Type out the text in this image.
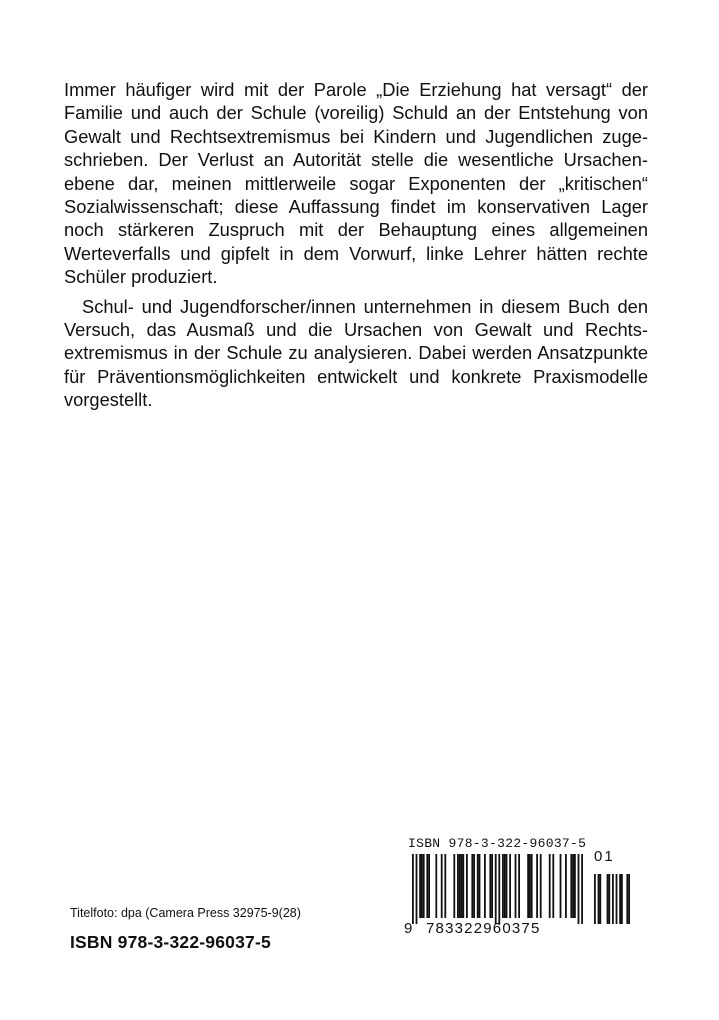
Immer häufiger wird mit der Parole „Die Erziehung hat versagt“ der Familie und auch der Schule (voreilig) Schuld an der Entstehung von Gewalt und Rechtsextremismus bei Kindern und Jugendlichen zugeschrieben. Der Verlust an Autorität stelle die wesentliche Ursachenebene dar, meinen mittlerweile sogar Exponenten der „kritischen“ Sozialwissenschaft; diese Auffassung findet im konservativen Lager noch stärkeren Zuspruch mit der Behauptung eines allgemeinen Werteverfalls und gipfelt in dem Vorwurf, linke Lehrer hätten rechte Schüler produziert.

Schul- und Jugendforscher/innen unternehmen in diesem Buch den Versuch, das Ausmaß und die Ursachen von Gewalt und Rechtsextremismus in der Schule zu analysieren. Dabei werden Ansatzpunkte für Präventionsmöglichkeiten entwickelt und konkrete Praxismodelle vorgestellt.

Titelfoto: dpa (Camera Press 32975-9(28)
ISBN 978-3-322-96037-5
ISBN 978-3-322-96037-5
9 783322960375
01
